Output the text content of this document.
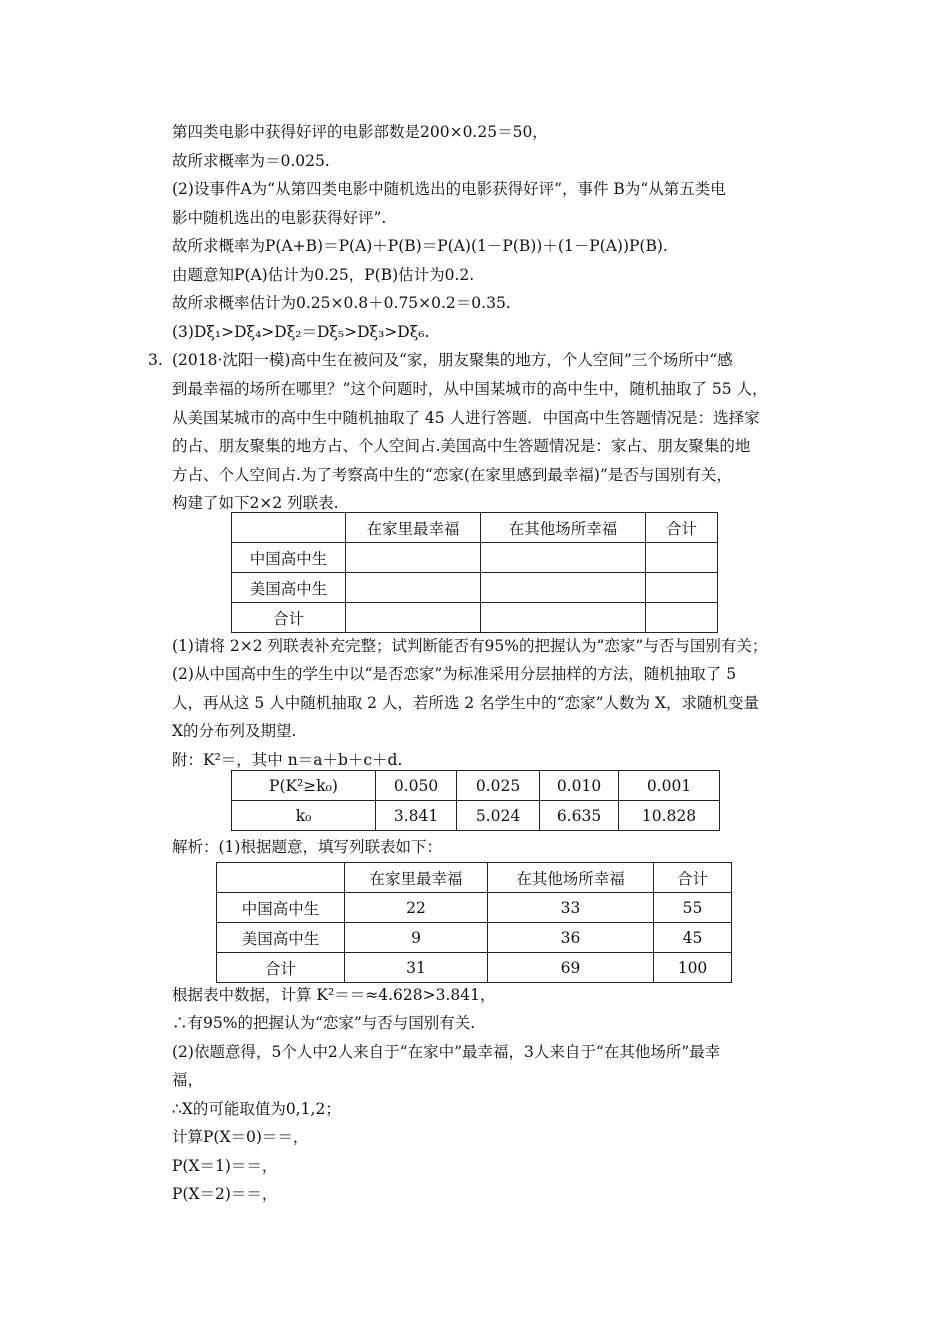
第四类电影中获得好评的电影部数是200×0.25＝50，
故所求概率为＝0.025.
(2)设事件A为“从第四类电影中随机选出的电影获得好评”，事件 B为“从第五类电
影中随机选出的电影获得好评”.
故所求概率为P(A+B)＝P(A)＋P(B)＝P(A)(1－P(B))＋(1－P(A))P(B).
由题意知P(A)估计为0.25，P(B)估计为0.2.
故所求概率估计为0.25×0.8＋0.75×0.2＝0.35.
(3)Dξ₁>Dξ₄>Dξ₂＝Dξ₅>Dξ₃>Dξ₆.
3. (2018·沈阳一模)高中生在被问及“家，朋友聚集的地方，个人空间”三个场所中“感
到最幸福的场所在哪里？”这个问题时，从中国某城市的高中生中，随机抽取了 55 人，
从美国某城市的高中生中随机抽取了 45 人进行答题．中国高中生答题情况是：选择家
的占、朋友聚集的地方占、个人空间占.美国高中生答题情况是：家占、朋友聚集的地
方占、个人空间占.为了考察高中生的“恋家(在家里感到最幸福)”是否与国别有关，
构建了如下2×2 列联表.
	在家里最幸福	在其他场所幸福	合计
中国高中生			
美国高中生			
合计			
(1)请将 2×2 列联表补充完整；试判断能否有95%的把握认为“恋家”与否与国别有关；
(2)从中国高中生的学生中以“是否恋家”为标准采用分层抽样的方法，随机抽取了 5
人，再从这 5 人中随机抽取 2 人，若所选 2 名学生中的“恋家”人数为 X，求随机变量
X的分布列及期望.
附：K²＝，其中 n＝a＋b＋c＋d.
P(K²≥k₀)	0.050	0.025	0.010	0.001
k₀	3.841	5.024	6.635	10.828
解析：(1)根据题意，填写列联表如下：
	在家里最幸福	在其他场所幸福	合计
中国高中生	22	33	55
美国高中生	9	36	45
合计	31	69	100
根据表中数据，计算 K²＝＝≈4.628>3.841，
∴有95%的把握认为“恋家”与否与国别有关.
(2)依题意得，5个人中2人来自于“在家中”最幸福，3人来自于“在其他场所”最幸
福，
∴X的可能取值为0,1,2；
计算P(X＝0)＝＝，
P(X＝1)＝＝，
P(X＝2)＝＝，
